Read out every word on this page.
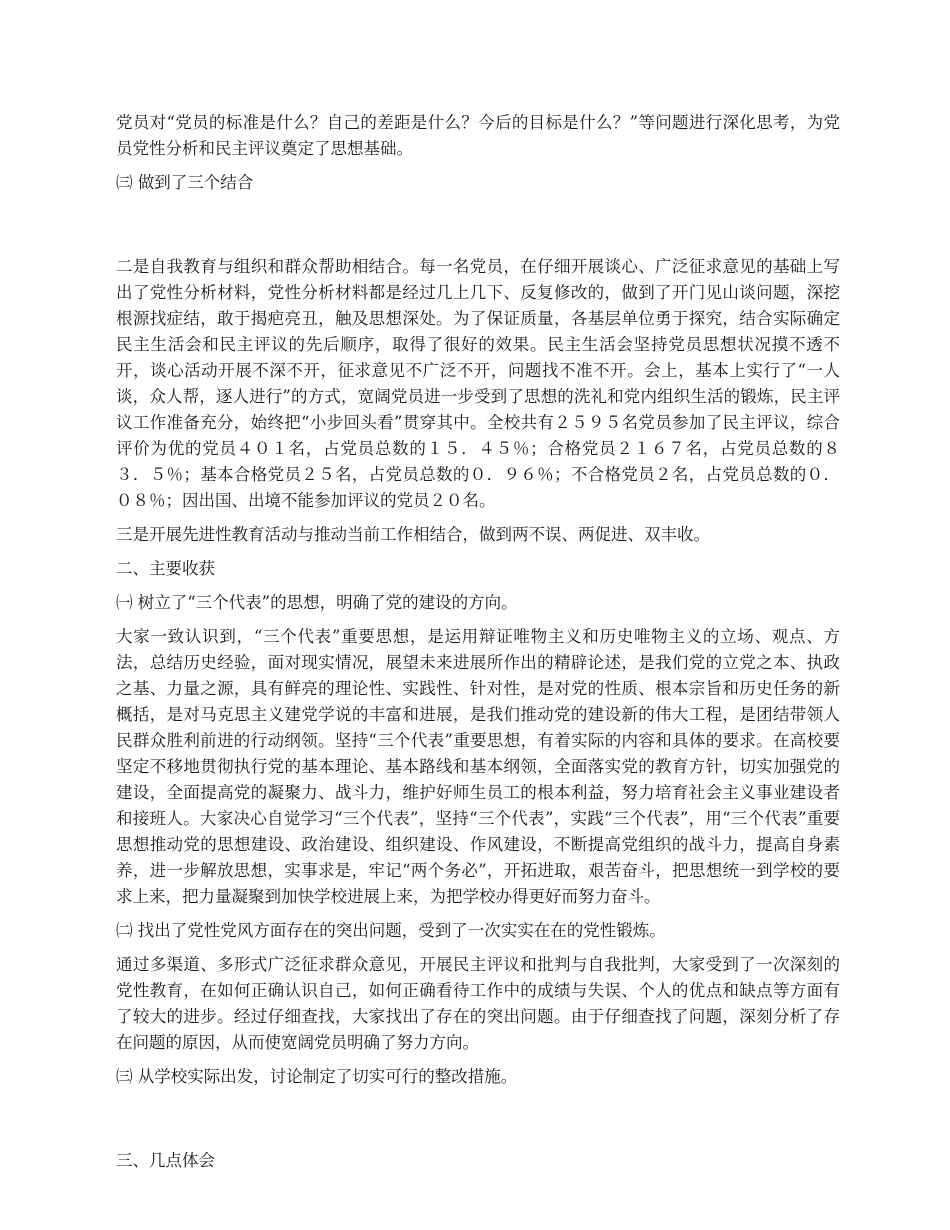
党员对“党员的标准是什么？自己的差距是什么？今后的目标是什么？”等问题进行深化思考，为党员党性分析和民主评议奠定了思想基础。

㈢ 做到了三个结合

二是自我教育与组织和群众帮助相结合。每一名党员，在仔细开展谈心、广泛征求意见的基础上写出了党性分析材料，党性分析材料都是经过几上几下、反复修改的，做到了开门见山谈问题，深挖根源找症结，敢于揭疤亮丑，触及思想深处。为了保证质量，各基层单位勇于探究，结合实际确定民主生活会和民主评议的先后顺序，取得了很好的效果。民主生活会坚持党员思想状况摸不透不开，谈心活动开展不深不开，征求意见不广泛不开，问题找不准不开。会上，基本上实行了“一人谈，众人帮，逐人进行”的方式，宽阔党员进一步受到了思想的洗礼和党内组织生活的锻炼，民主评议工作准备充分，始终把“小步回头看”贯穿其中。全校共有２５９５名党员参加了民主评议，综合评价为优的党员４０１名，占党员总数的１５．４５％；合格党员２１６７名，占党员总数的８３．５％；基本合格党员２５名，占党员总数的０．９６％；不合格党员２名，占党员总数的０．０８％；因出国、出境不能参加评议的党员２０名。

三是开展先进性教育活动与推动当前工作相结合，做到两不误、两促进、双丰收。

二、主要收获

㈠ 树立了“三个代表”的思想，明确了党的建设的方向。

大家一致认识到，“三个代表”重要思想，是运用辩证唯物主义和历史唯物主义的立场、观点、方法，总结历史经验，面对现实情况，展望未来进展所作出的精辟论述，是我们党的立党之本、执政之基、力量之源，具有鲜亮的理论性、实践性、针对性，是对党的性质、根本宗旨和历史任务的新概括，是对马克思主义建党学说的丰富和进展，是我们推动党的建设新的伟大工程，是团结带领人民群众胜利前进的行动纲领。坚持“三个代表”重要思想，有着实际的内容和具体的要求。在高校要坚定不移地贯彻执行党的基本理论、基本路线和基本纲领，全面落实党的教育方针，切实加强党的建设，全面提高党的凝聚力、战斗力，维护好师生员工的根本利益，努力培育社会主义事业建设者和接班人。大家决心自觉学习“三个代表”，坚持“三个代表”，实践“三个代表”，用“三个代表”重要思想推动党的思想建设、政治建设、组织建设、作风建设，不断提高党组织的战斗力，提高自身素养，进一步解放思想，实事求是，牢记“两个务必”，开拓进取，艰苦奋斗，把思想统一到学校的要求上来，把力量凝聚到加快学校进展上来，为把学校办得更好而努力奋斗。

㈡ 找出了党性党风方面存在的突出问题，受到了一次实实在在的党性锻炼。

通过多渠道、多形式广泛征求群众意见，开展民主评议和批判与自我批判，大家受到了一次深刻的党性教育，在如何正确认识自己，如何正确看待工作中的成绩与失误、个人的优点和缺点等方面有了较大的进步。经过仔细查找，大家找出了存在的突出问题。由于仔细查找了问题，深刻分析了存在问题的原因，从而使宽阔党员明确了努力方向。

㈢ 从学校实际出发，讨论制定了切实可行的整改措施。

三、几点体会
